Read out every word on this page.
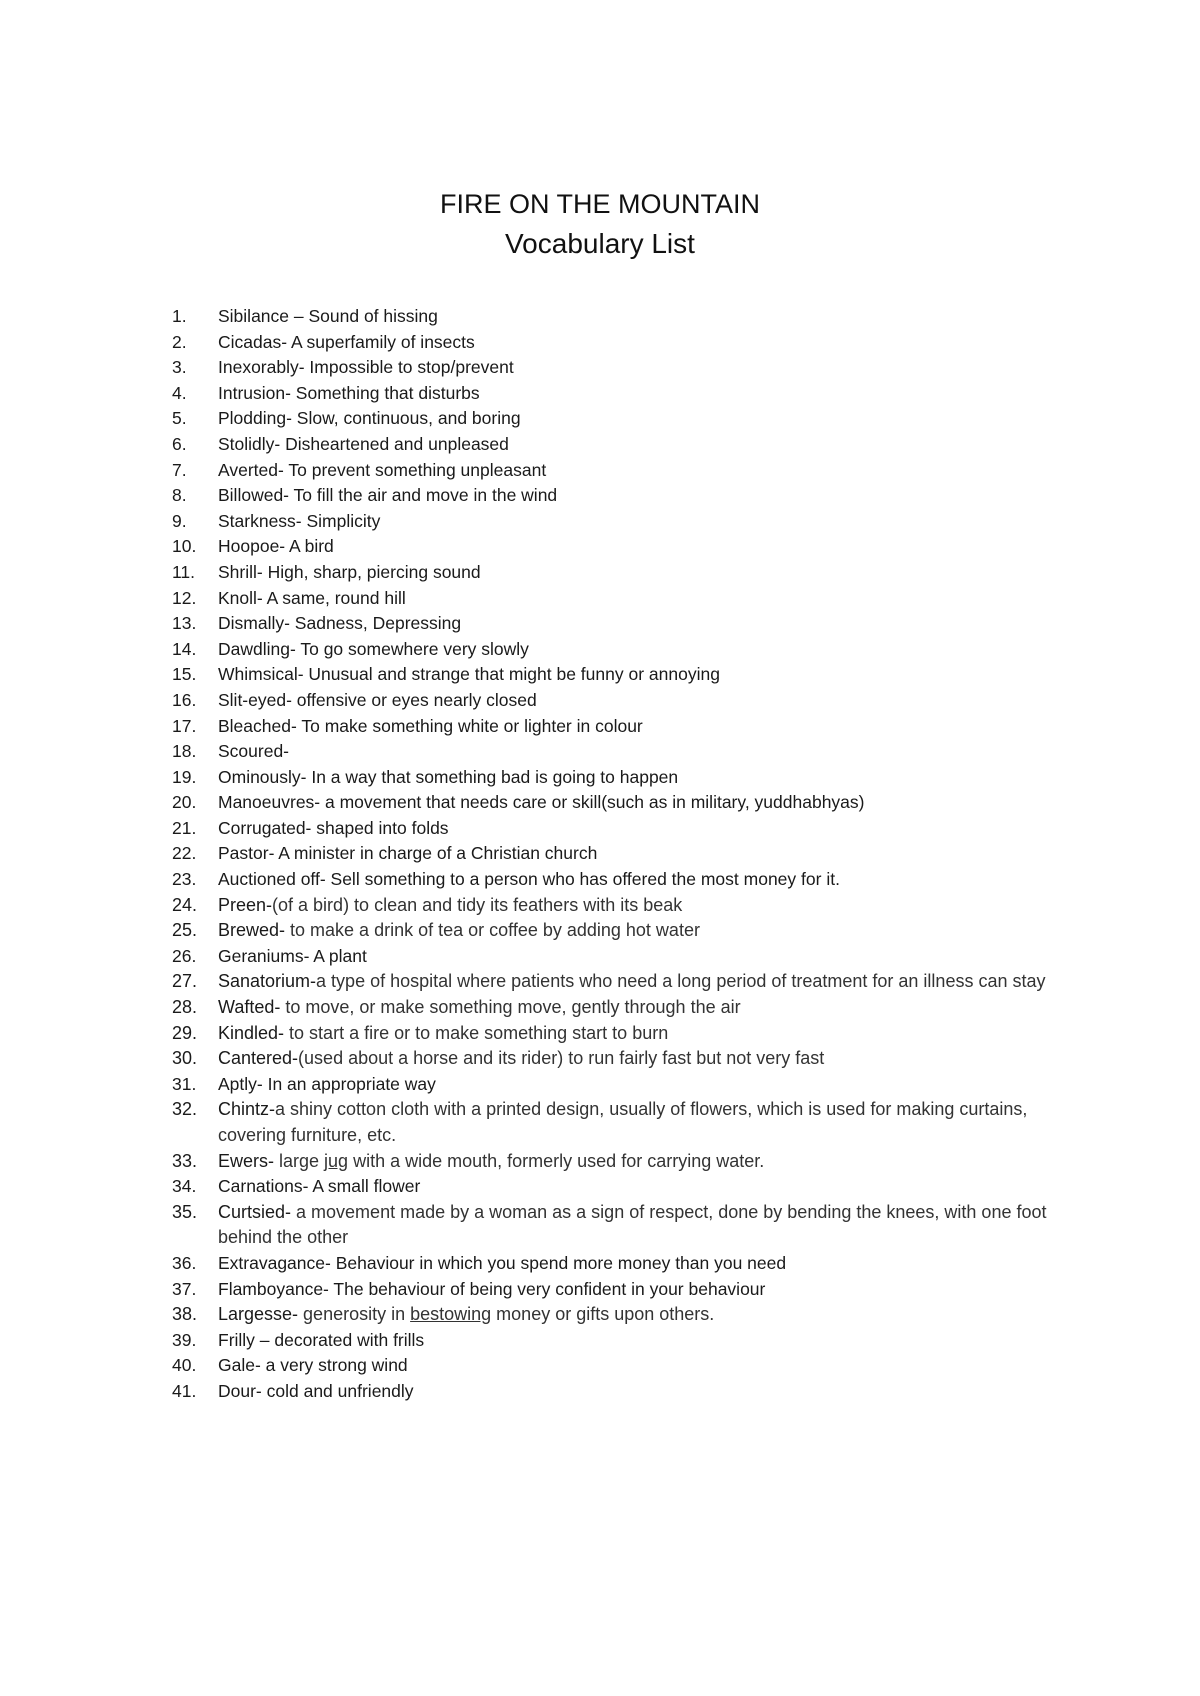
FIRE ON THE MOUNTAIN
Vocabulary List
1.	Sibilance – Sound of hissing
2.	Cicadas- A superfamily of insects
3.	Inexorably- Impossible to stop/prevent
4.	Intrusion- Something that disturbs
5.	Plodding- Slow, continuous, and boring
6.	Stolidly- Disheartened and unpleased
7.	Averted- To prevent something unpleasant
8.	Billowed- To fill the air and move in the wind
9.	Starkness- Simplicity
10.	Hoopoe- A bird
11.	Shrill- High, sharp, piercing sound
12.	Knoll- A same, round hill
13.	Dismally- Sadness, Depressing
14.	Dawdling- To go somewhere very slowly
15.	Whimsical- Unusual and strange that might be funny or annoying
16.	Slit-eyed- offensive or eyes nearly closed
17.	Bleached- To make something white or lighter in colour
18.	Scoured-
19.	Ominously- In a way that something bad is going to happen
20.	Manoeuvres- a movement that needs care or skill(such as in military, yuddhabhyas)
21.	Corrugated- shaped into folds
22.	Pastor- A minister in charge of a Christian church
23.	Auctioned off- Sell something to a person who has offered the most money for it.
24.	Preen-(of a bird) to clean and tidy its feathers with its beak
25.	Brewed- to make a drink of tea or coffee by adding hot water
26.	Geraniums- A plant
27.	Sanatorium-a type of hospital where patients who need a long period of treatment for an illness can stay
28.	Wafted- to move, or make something move, gently through the air
29.	Kindled- to start a fire or to make something start to burn
30.	Cantered-(used about a horse and its rider) to run fairly fast but not very fast
31.	Aptly- In an appropriate way
32.	Chintz-a shiny cotton cloth with a printed design, usually of flowers, which is used for making curtains, covering furniture, etc.
33.	Ewers- large jug with a wide mouth, formerly used for carrying water.
34.	Carnations- A small flower
35.	Curtsied- a movement made by a woman as a sign of respect, done by bending the knees, with one foot behind the other
36.	Extravagance- Behaviour in which you spend more money than you need
37.	Flamboyance- The behaviour of being very confident in your behaviour
38.	Largesse- generosity in bestowing money or gifts upon others.
39.	Frilly – decorated with frills
40.	Gale- a very strong wind
41.	Dour- cold and unfriendly
